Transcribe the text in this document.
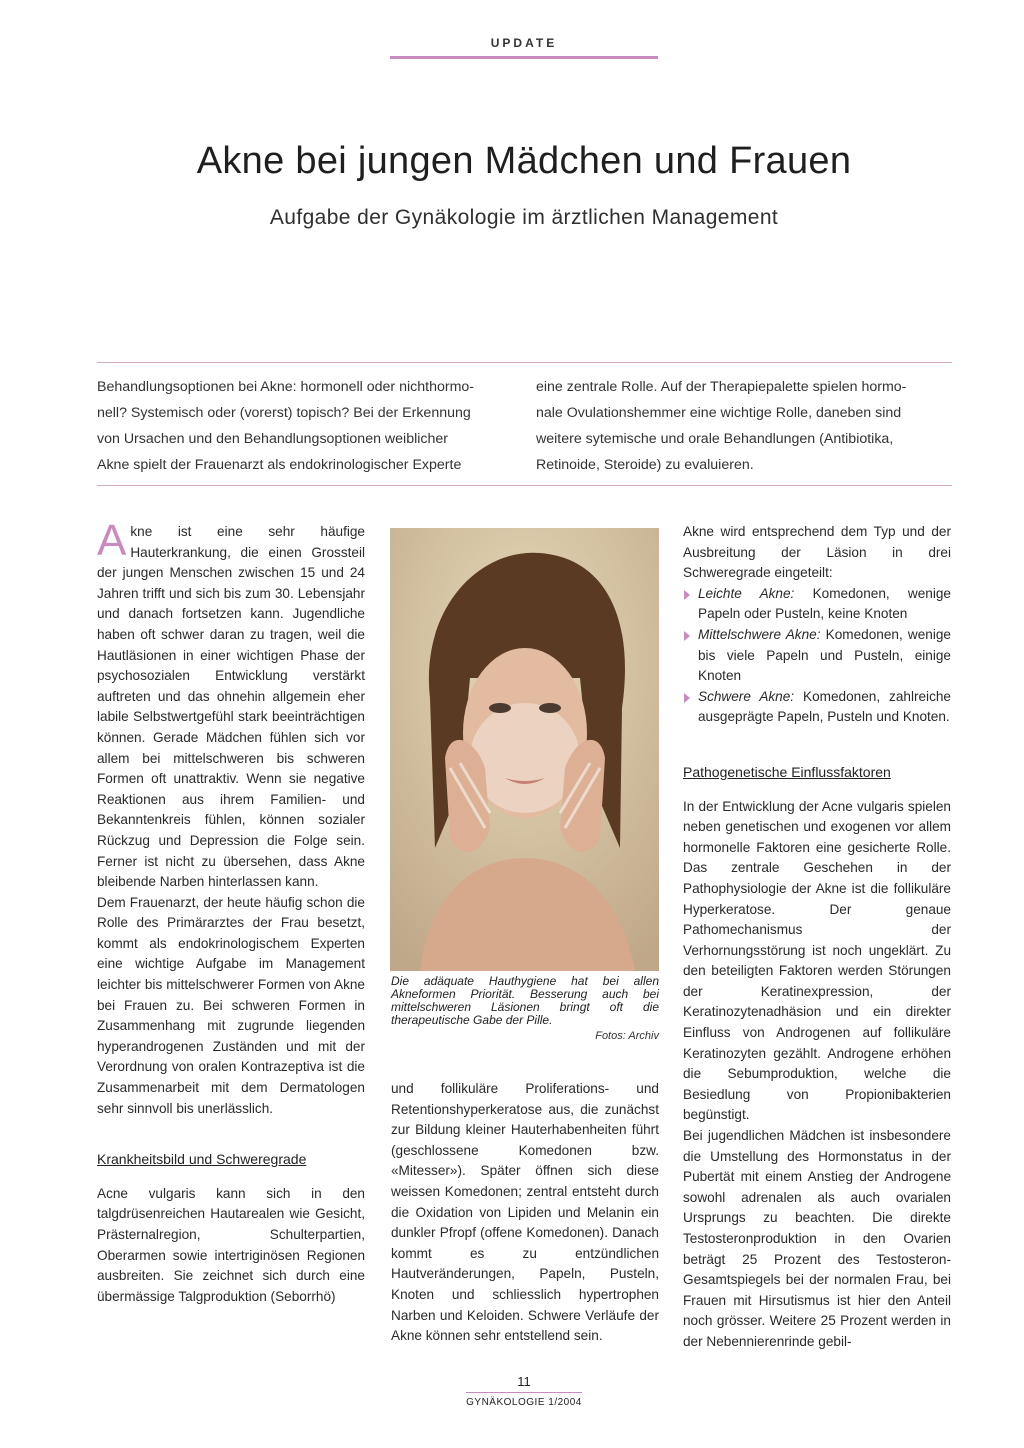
UPDATE
Akne bei jungen Mädchen und Frauen
Aufgabe der Gynäkologie im ärztlichen Management
Behandlungsoptionen bei Akne: hormonell oder nichthormo-
nell? Systemisch oder (vorerst) topisch? Bei der Erkennung
von Ursachen und den Behandlungsoptionen weiblicher
Akne spielt der Frauenarzt als endokrinologischer Experte
eine zentrale Rolle. Auf der Therapiepalette spielen hormo-
nale Ovulationshemmer eine wichtige Rolle, daneben sind
weitere sytemische und orale Behandlungen (Antibiotika,
Retinoide, Steroide) zu evaluieren.

Akne ist eine sehr häufige Hauterkrankung, die einen Grossteil der jungen Menschen zwischen 15 und 24 Jahren trifft und sich bis zum 30. Lebensjahr und danach fortsetzen kann. Jugendliche haben oft schwer daran zu tragen, weil die Hautläsionen in einer wichtigen Phase der psychosozialen Entwicklung verstärkt auftreten und das ohnehin allgemein eher labile Selbstwertgefühl stark beeinträchtigen können. Gerade Mädchen fühlen sich vor allem bei mittelschweren bis schweren Formen oft unattraktiv. Wenn sie negative Reaktionen aus ihrem Familien- und Bekanntenkreis fühlen, können sozialer Rückzug und Depression die Folge sein. Ferner ist nicht zu übersehen, dass Akne bleibende Narben hinterlassen kann.

Dem Frauenarzt, der heute häufig schon die Rolle des Primärarztes der Frau besetzt, kommt als endokrinologischem Experten eine wichtige Aufgabe im Management leichter bis mittelschwerer Formen von Akne bei Frauen zu. Bei schweren Formen in Zusammenhang mit zugrunde liegenden hyperandrogenen Zuständen und mit der Verordnung von oralen Kontrazeptiva ist die Zusammenarbeit mit dem Dermatologen sehr sinnvoll bis unerlässlich.

Krankheitsbild und Schweregrade

Acne vulgaris kann sich in den talgdrüsenreichen Hautarealen wie Gesicht, Prästernalregion, Schulterpartien, Oberarmen sowie intertriginösen Regionen ausbreiten. Sie zeichnet sich durch eine übermässige Talgproduktion (Seborrhö)

Die adäquate Hauthygiene hat bei allen Akneformen Priorität. Besserung auch bei mittelschweren Läsionen bringt oft die therapeutische Gabe der Pille.
Fotos: Archiv

und follikuläre Proliferations- und Retentionshyperkeratose aus, die zunächst zur Bildung kleiner Hauterhabenheiten führt (geschlossene Komedonen bzw. «Mitesser»). Später öffnen sich diese weissen Komedonen; zentral entsteht durch die Oxidation von Lipiden und Melanin ein dunkler Pfropf (offene Komedonen). Danach kommt es zu entzündlichen Hautveränderungen, Papeln, Pusteln, Knoten und schliesslich hypertrophen Narben und Keloiden. Schwere Verläufe der Akne können sehr entstellend sein.

Akne wird entsprechend dem Typ und der Ausbreitung der Läsion in drei Schweregrade eingeteilt:

Leichte Akne: Komedonen, wenige Papeln oder Pusteln, keine Knoten
Mittelschwere Akne: Komedonen, wenige bis viele Papeln und Pusteln, einige Knoten
Schwere Akne: Komedonen, zahlreiche ausgeprägte Papeln, Pusteln und Knoten.
Pathogenetische Einflussfaktoren

In der Entwicklung der Acne vulgaris spielen neben genetischen und exogenen vor allem hormonelle Faktoren eine gesicherte Rolle. Das zentrale Geschehen in der Pathophysiologie der Akne ist die follikuläre Hyperkeratose. Der genaue Pathomechanismus der Verhornungsstörung ist noch ungeklärt. Zu den beteiligten Faktoren werden Störungen der Keratinexpression, der Keratinozytenadhäsion und ein direkter Einfluss von Androgenen auf follikuläre Keratinozyten gezählt. Androgene erhöhen die Sebumproduktion, welche die Besiedlung von Propionibakterien begünstigt.

Bei jugendlichen Mädchen ist insbesondere die Umstellung des Hormonstatus in der Pubertät mit einem Anstieg der Androgene sowohl adrenalen als auch ovarialen Ursprungs zu beachten. Die direkte Testosteronproduktion in den Ovarien beträgt 25 Prozent des Testosteron-Gesamtspiegels bei der normalen Frau, bei Frauen mit Hirsutismus ist hier den Anteil noch grösser. Weitere 25 Prozent werden in der Nebennierenrinde gebil-

11
GYNÄKOLOGIE 1/2004
